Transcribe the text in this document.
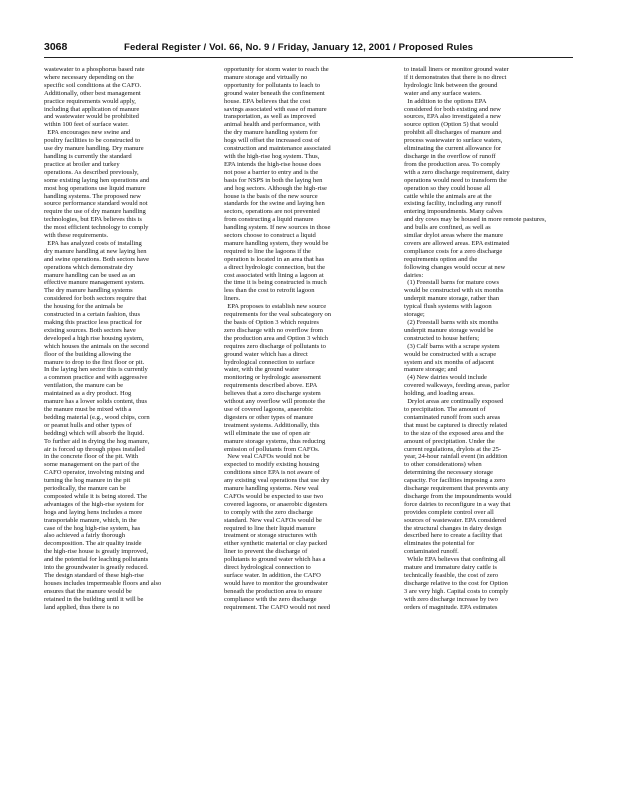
3068	Federal Register / Vol. 66, No. 9 / Friday, January 12, 2001 / Proposed Rules

wastewater to a phosphorus based rate

where necessary depending on the

specific soil conditions at the CAFO.

Additionally, other best management

practice requirements would apply,

including that application of manure

and wastewater would be prohibited

within 100 feet of surface water.

EPA encourages new swine and

poultry facilities to be constructed to

use dry manure handling. Dry manure

handling is currently the standard

practice at broiler and turkey

operations. As described previously,

some existing laying hen operations and

most hog operations use liquid manure

handling systems. The proposed new

source performance standard would not

require the use of dry manure handling

technologies, but EPA believes this is

the most efficient technology to comply

with these requirements.

EPA has analyzed costs of installing

dry manure handling at new laying hen

and swine operations. Both sectors have

operations which demonstrate dry

manure handling can be used as an

effective manure management system.

The dry manure handling systems

considered for both sectors require that

the housing for the animals be

constructed in a certain fashion, thus

making this practice less practical for

existing sources. Both sectors have

developed a high rise housing system,

which houses the animals on the second

floor of the building allowing the

manure to drop to the first floor or pit.

In the laying hen sector this is currently

a common practice and with aggressive

ventilation, the manure can be

maintained as a dry product. Hog

manure has a lower solids content, thus

the manure must be mixed with a

bedding material (e.g., wood chips, corn

or peanut hulls and other types of

bedding) which will absorb the liquid.

To further aid in drying the hog manure,

air is forced up through pipes installed

in the concrete floor of the pit. With

some management on the part of the

CAFO operator, involving mixing and

turning the hog manure in the pit

periodically, the manure can be

composted while it is being stored. The

advantages of the high-rise system for

hogs and laying hens includes a more

transportable manure, which, in the

case of the hog high-rise system, has

also achieved a fairly thorough

decomposition. The air quality inside

the high-rise house is greatly improved,

and the potential for leaching pollutants

into the groundwater is greatly reduced.

The design standard of these high-rise

houses includes impermeable floors and also

ensures that the manure would be

retained in the building until it will be

land applied, thus there is no

opportunity for storm water to reach the

manure storage and virtually no

opportunity for pollutants to leach to

ground water beneath the confinement

house. EPA believes that the cost

savings associated with ease of manure

transportation, as well as improved

animal health and performance, with

the dry manure handling system for

hogs will offset the increased cost of

construction and maintenance associated

with the high-rise hog system. Thus,

EPA intends the high-rise house does

not pose a barrier to entry and is the

basis for NSPS in both the laying hen

and hog sectors. Although the high-rise

house is the basis of the new source

standards for the swine and laying hen

sectors, operations are not prevented

from constructing a liquid manure

handling system. If new sources in those

sectors choose to construct a liquid

manure handling system, they would be

required to line the lagoons if the

operation is located in an area that has

a direct hydrologic connection, but the

cost associated with lining a lagoon at

the time it is being constructed is much

less than the cost to retrofit lagoon

liners.

EPA proposes to establish new source

requirements for the veal subcategory on

the basis of Option 3 which requires

zero discharge with no overflow from

the production area and Option 3 which

requires zero discharge of pollutants to

ground water which has a direct

hydrological connection to surface

water, with the ground water

monitoring or hydrologic assessment

requirements described above. EPA

believes that a zero discharge system

without any overflow will promote the

use of covered lagoons, anaerobic

digesters or other types of manure

treatment systems. Additionally, this

will eliminate the use of open air

manure storage systems, thus reducing

emission of pollutants from CAFOs.

New veal CAFOs would not be

expected to modify existing housing

conditions since EPA is not aware of

any existing veal operations that use dry

manure handling systems. New veal

CAFOs would be expected to use two

covered lagoons, or anaerobic digesters

to comply with the zero discharge

standard. New veal CAFOs would be

required to line their liquid manure

treatment or storage structures with

either synthetic material or clay packed

liner to prevent the discharge of

pollutants to ground water which has a

direct hydrological connection to

surface water. In addition, the CAFO

would have to monitor the groundwater

beneath the production area to ensure

compliance with the zero discharge

requirement. The CAFO would not need

to install liners or monitor ground water

if it demonstrates that there is no direct

hydrologic link between the ground

water and any surface waters.

In addition to the options EPA

considered for both existing and new

sources, EPA also investigated a new

source option (Option 5) that would

prohibit all discharges of manure and

process wastewater to surface waters,

eliminating the current allowance for

discharge in the overflow of runoff

from the production area. To comply

with a zero discharge requirement, dairy

operations would need to transform the

operation so they could house all

cattle while the animals are at the

existing facility, including any runoff

entering impoundments. Many calves

and dry cows may be housed in more remote pastures,

and bulls are confined, as well as

similar drylot areas where the manure

covers are allowed areas. EPA estimated

compliance costs for a zero discharge

requirements option and the

following changes would occur at new

dairies:

(1) Freestall barns for mature cows

would be constructed with six months

underpit manure storage, rather than

typical flush systems with lagoon

storage;

(2) Freestall barns with six months

underpit manure storage would be

constructed to house heifers;

(3) Calf barns with a scrape system

would be constructed with a scrape

system and six months of adjacent

manure storage; and

(4) New dairies would include

covered walkways, feeding areas, parlor

holding, and loading areas.

Drylot areas are continually exposed

to precipitation. The amount of

contaminated runoff from such areas

that must be captured is directly related

to the size of the exposed area and the

amount of precipitation. Under the

current regulations, drylots at the 25-

year, 24-hour rainfall event (in addition

to other considerations) when

determining the necessary storage

capacity. For facilities imposing a zero

discharge requirement that prevents any

discharge from the impoundments would

force dairies to reconfigure in a way that

provides complete control over all

sources of wastewater. EPA considered

the structural changes in dairy design

described here to create a facility that

eliminates the potential for

contaminated runoff.

While EPA believes that confining all

mature and immature dairy cattle is

technically feasible, the cost of zero

discharge relative to the cost for Option

3 are very high. Capital costs to comply

with zero discharge increase by two

orders of magnitude. EPA estimates
